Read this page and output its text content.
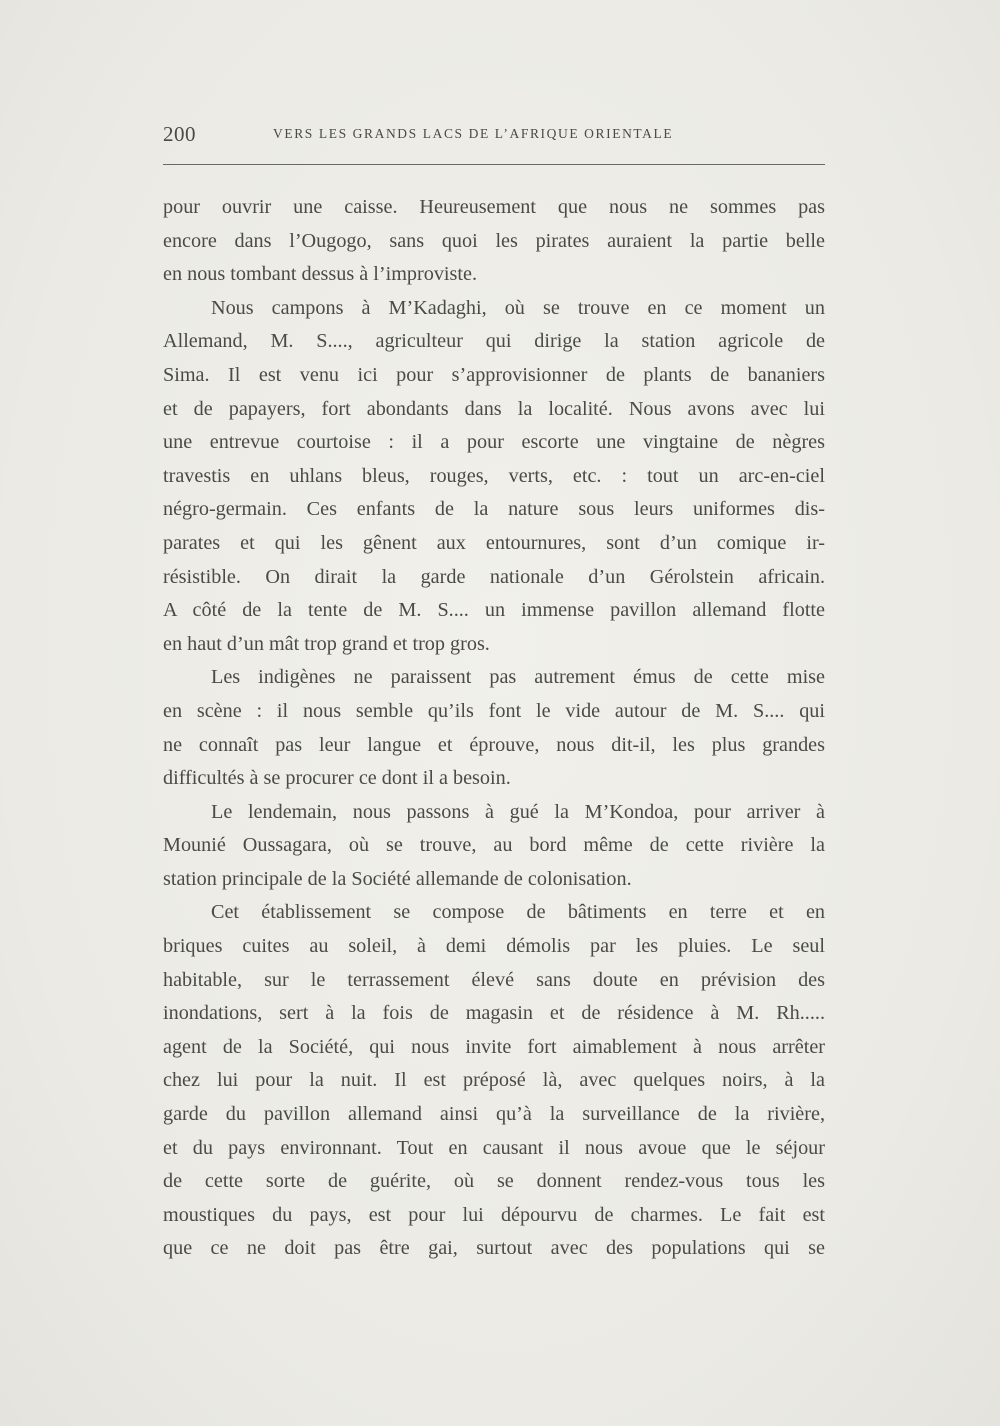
200	VERS LES GRANDS LACS DE L’AFRIQUE ORIENTALE

pour ouvrir une caisse. Heureusement que nous ne sommes pas
encore dans l’Ougogo, sans quoi les pirates auraient la partie belle
en nous tombant dessus à l’improviste.

Nous campons à M’Kadaghi, où se trouve en ce moment un
Allemand, M. S...., agriculteur qui dirige la station agricole de
Sima. Il est venu ici pour s’approvisionner de plants de bananiers
et de papayers, fort abondants dans la localité. Nous avons avec lui
une entrevue courtoise : il a pour escorte une vingtaine de nègres
travestis en uhlans bleus, rouges, verts, etc. : tout un arc-en-ciel
négro-germain. Ces enfants de la nature sous leurs uniformes dis-
parates et qui les gênent aux entournures, sont d’un comique ir-
résistible. On dirait la garde nationale d’un Gérolstein africain.
A côté de la tente de M. S.... un immense pavillon allemand flotte
en haut d’un mât trop grand et trop gros.

Les indigènes ne paraissent pas autrement émus de cette mise
en scène : il nous semble qu’ils font le vide autour de M. S.... qui
ne connaît pas leur langue et éprouve, nous dit-il, les plus grandes
difficultés à se procurer ce dont il a besoin.

Le lendemain, nous passons à gué la M’Kondoa, pour arriver à
Mounié Oussagara, où se trouve, au bord même de cette rivière la
station principale de la Société allemande de colonisation.

Cet établissement se compose de bâtiments en terre et en
briques cuites au soleil, à demi démolis par les pluies. Le seul
habitable, sur le terrassement élevé sans doute en prévision des
inondations, sert à la fois de magasin et de résidence à M. Rh.....
agent de la Société, qui nous invite fort aimablement à nous arrêter
chez lui pour la nuit. Il est préposé là, avec quelques noirs, à la
garde du pavillon allemand ainsi qu’à la surveillance de la rivière,
et du pays environnant. Tout en causant il nous avoue que le séjour
de cette sorte de guérite, où se donnent rendez-vous tous les
moustiques du pays, est pour lui dépourvu de charmes. Le fait est
que ce ne doit pas être gai, surtout avec des populations qui se
